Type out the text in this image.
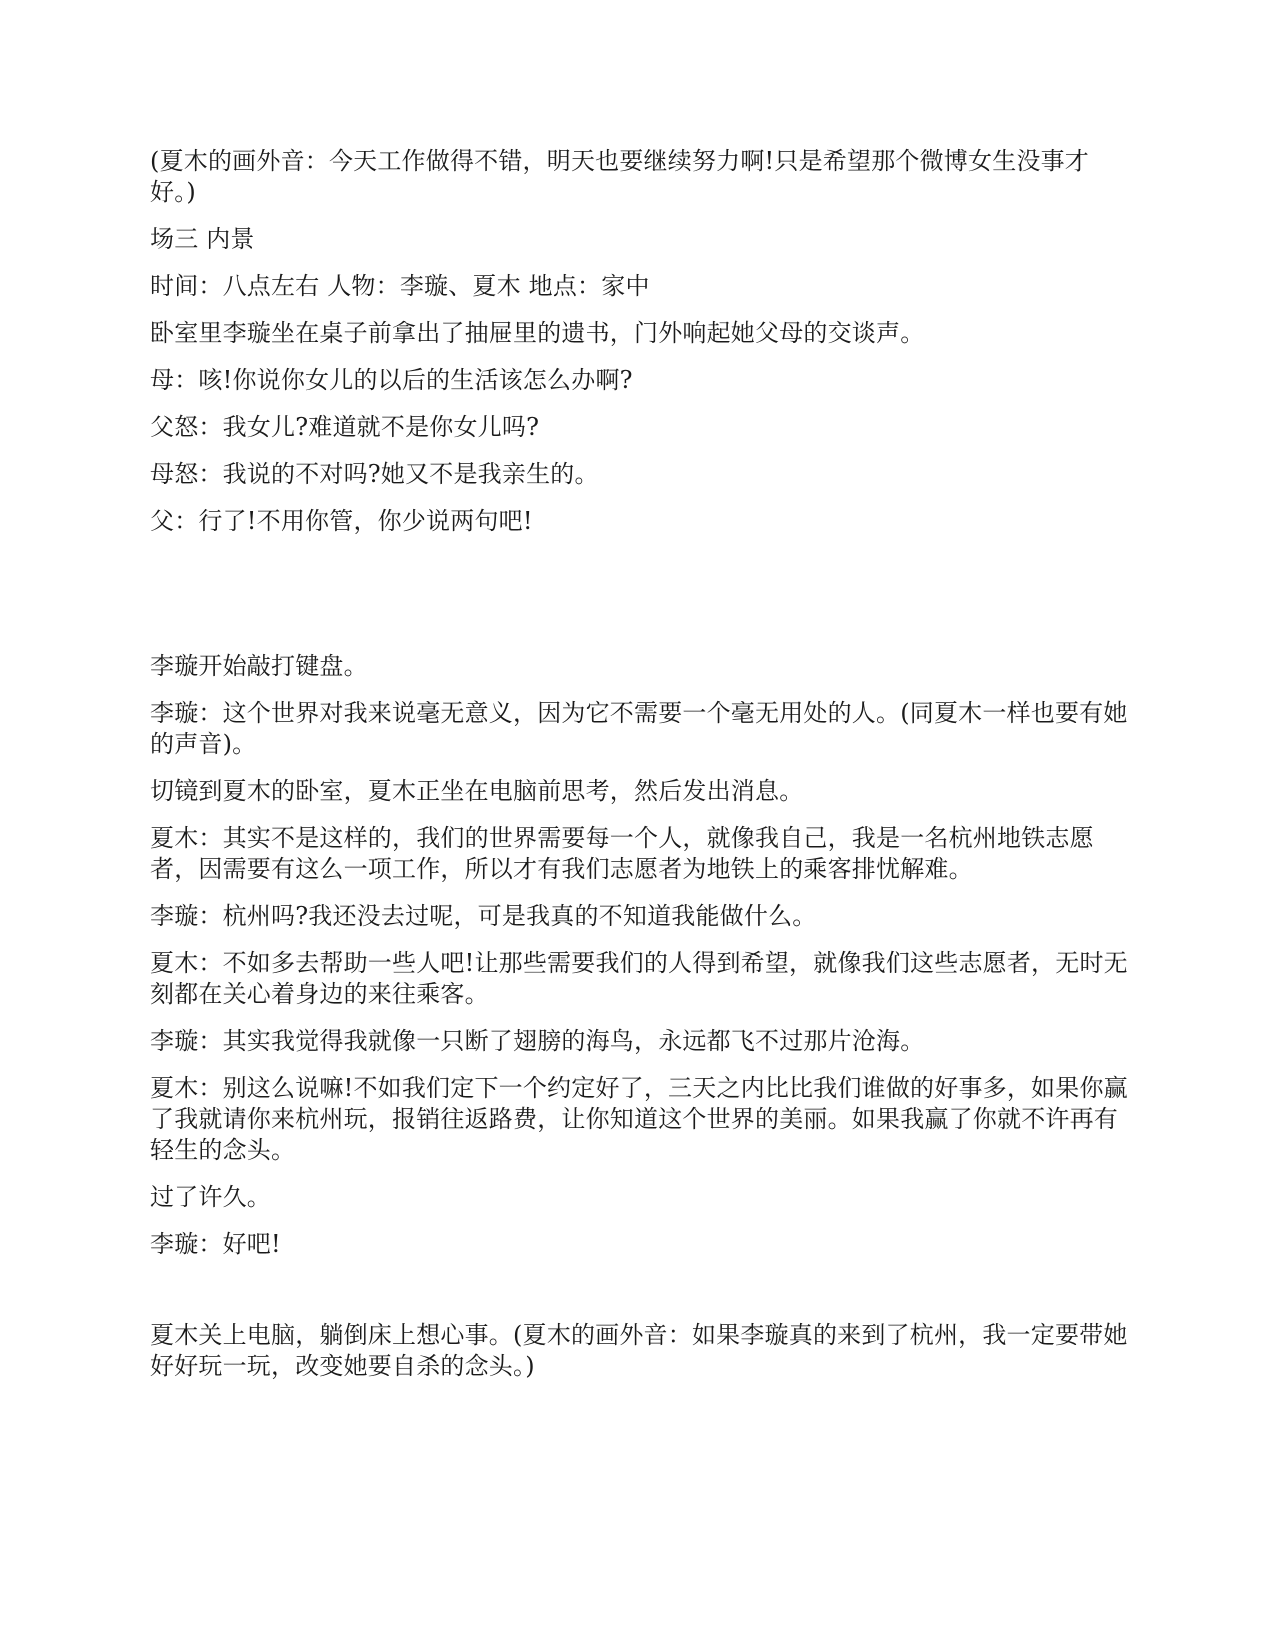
(夏木的画外音：今天工作做得不错，明天也要继续努力啊!只是希望那个微博女生没事才好。)

场三 内景

时间：八点左右 人物：李璇、夏木 地点：家中

卧室里李璇坐在桌子前拿出了抽屉里的遗书，门外响起她父母的交谈声。

母：咳!你说你女儿的以后的生活该怎么办啊?

父怒：我女儿?难道就不是你女儿吗?

母怒：我说的不对吗?她又不是我亲生的。

父：行了!不用你管，你少说两句吧!

李璇开始敲打键盘。

李璇：这个世界对我来说毫无意义，因为它不需要一个毫无用处的人。(同夏木一样也要有她的声音)。

切镜到夏木的卧室，夏木正坐在电脑前思考，然后发出消息。

夏木：其实不是这样的，我们的世界需要每一个人，就像我自己，我是一名杭州地铁志愿者，因需要有这么一项工作，所以才有我们志愿者为地铁上的乘客排忧解难。

李璇：杭州吗?我还没去过呢，可是我真的不知道我能做什么。

夏木：不如多去帮助一些人吧!让那些需要我们的人得到希望，就像我们这些志愿者，无时无刻都在关心着身边的来往乘客。

李璇：其实我觉得我就像一只断了翅膀的海鸟，永远都飞不过那片沧海。

夏木：别这么说嘛!不如我们定下一个约定好了，三天之内比比我们谁做的好事多，如果你赢了我就请你来杭州玩，报销往返路费，让你知道这个世界的美丽。如果我赢了你就不许再有轻生的念头。

过了许久。

李璇：好吧!

夏木关上电脑，躺倒床上想心事。(夏木的画外音：如果李璇真的来到了杭州，我一定要带她好好玩一玩，改变她要自杀的念头。)
